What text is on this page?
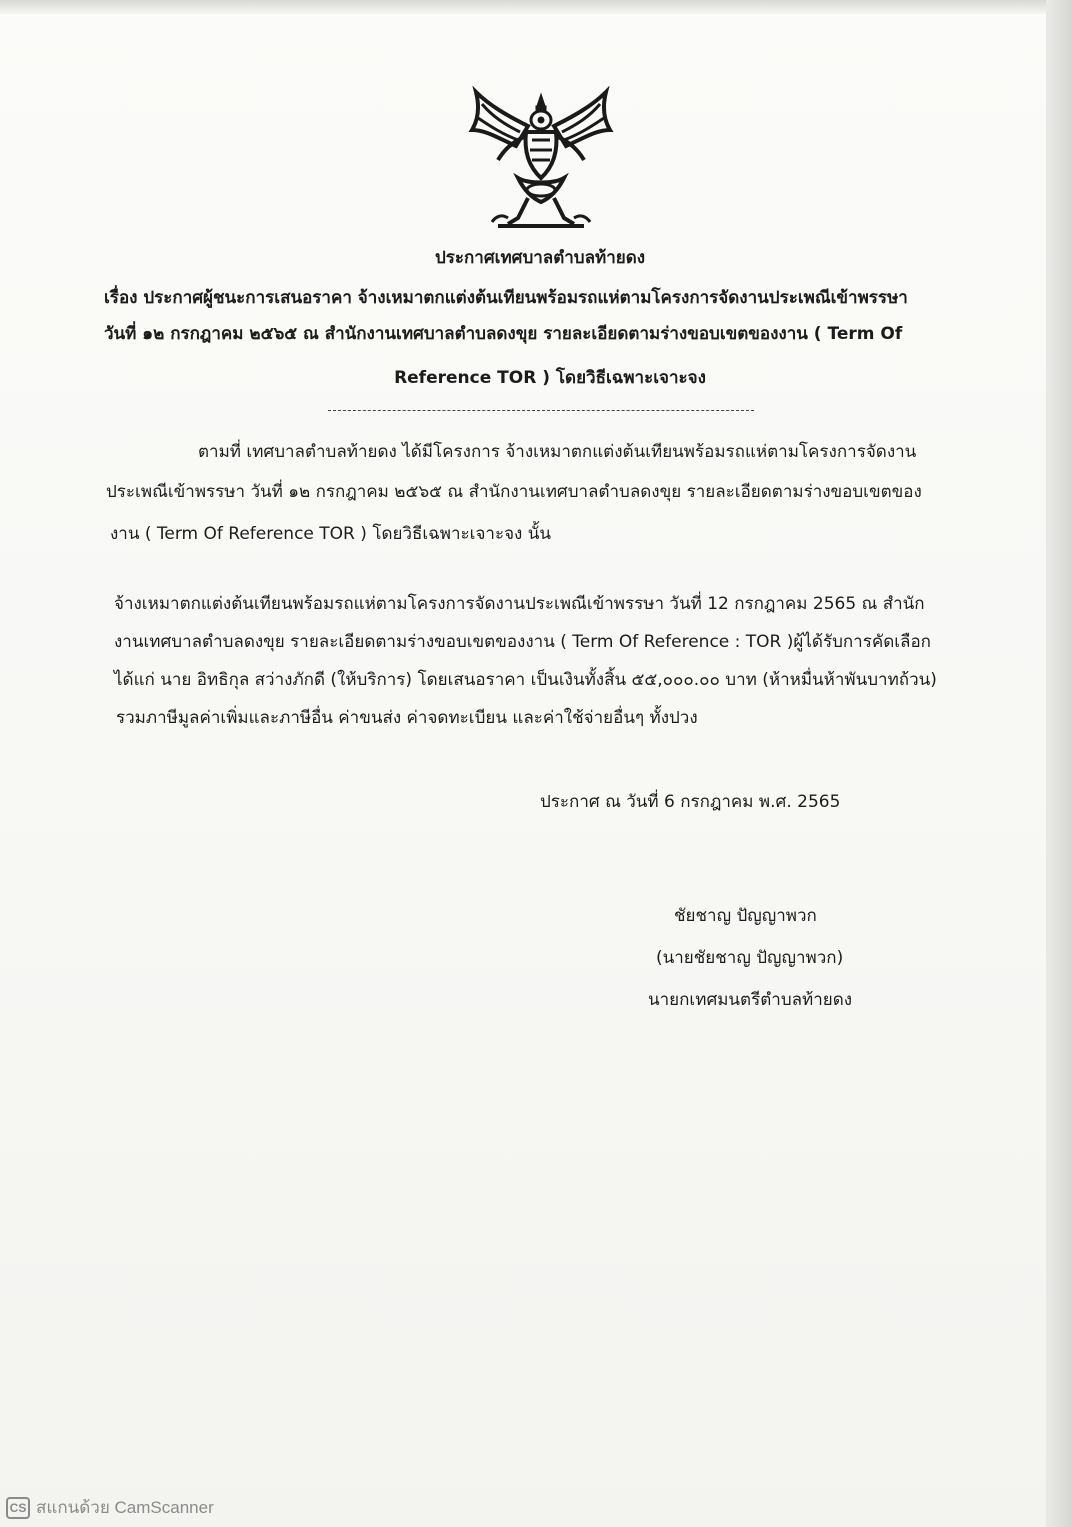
ประกาศเทศบาลตำบลท้ายดง
เรื่อง ประกาศผู้ชนะการเสนอราคา จ้างเหมาตกแต่งต้นเทียนพร้อมรถแห่ตามโครงการจัดงานประเพณีเข้าพรรษา
วันที่ ๑๒ กรกฎาคม ๒๕๖๕ ณ สำนักงานเทศบาลตำบลดงขุย รายละเอียดตามร่างขอบเขตของงาน ( Term Of
Reference TOR ) โดยวิธีเฉพาะเจาะจง
ตามที่ เทศบาลตำบลท้ายดง ได้มีโครงการ จ้างเหมาตกแต่งต้นเทียนพร้อมรถแห่ตามโครงการจัดงาน
ประเพณีเข้าพรรษา วันที่ ๑๒ กรกฎาคม ๒๕๖๕ ณ สำนักงานเทศบาลตำบลดงขุย รายละเอียดตามร่างขอบเขตของ
งาน ( Term Of Reference TOR ) โดยวิธีเฉพาะเจาะจง นั้น
จ้างเหมาตกแต่งต้นเทียนพร้อมรถแห่ตามโครงการจัดงานประเพณีเข้าพรรษา วันที่ 12 กรกฎาคม 2565 ณ สำนัก
งานเทศบาลตำบลดงขุย รายละเอียดตามร่างขอบเขตของงาน ( Term Of Reference : TOR )ผู้ได้รับการคัดเลือก
ได้แก่ นาย อิทธิกุล สว่างภักดี (ให้บริการ) โดยเสนอราคา เป็นเงินทั้งสิ้น ๕๕,๐๐๐.๐๐ บาท (ห้าหมื่นห้าพันบาทถ้วน)
รวมภาษีมูลค่าเพิ่มและภาษีอื่น ค่าขนส่ง ค่าจดทะเบียน และค่าใช้จ่ายอื่นๆ ทั้งปวง
ประกาศ ณ วันที่ 6 กรกฎาคม พ.ศ. 2565
ชัยชาญ ปัญญาพวก
(นายชัยชาญ ปัญญาพวก)
นายกเทศมนตรีตำบลท้ายดง
CS สแกนด้วย CamScanner
